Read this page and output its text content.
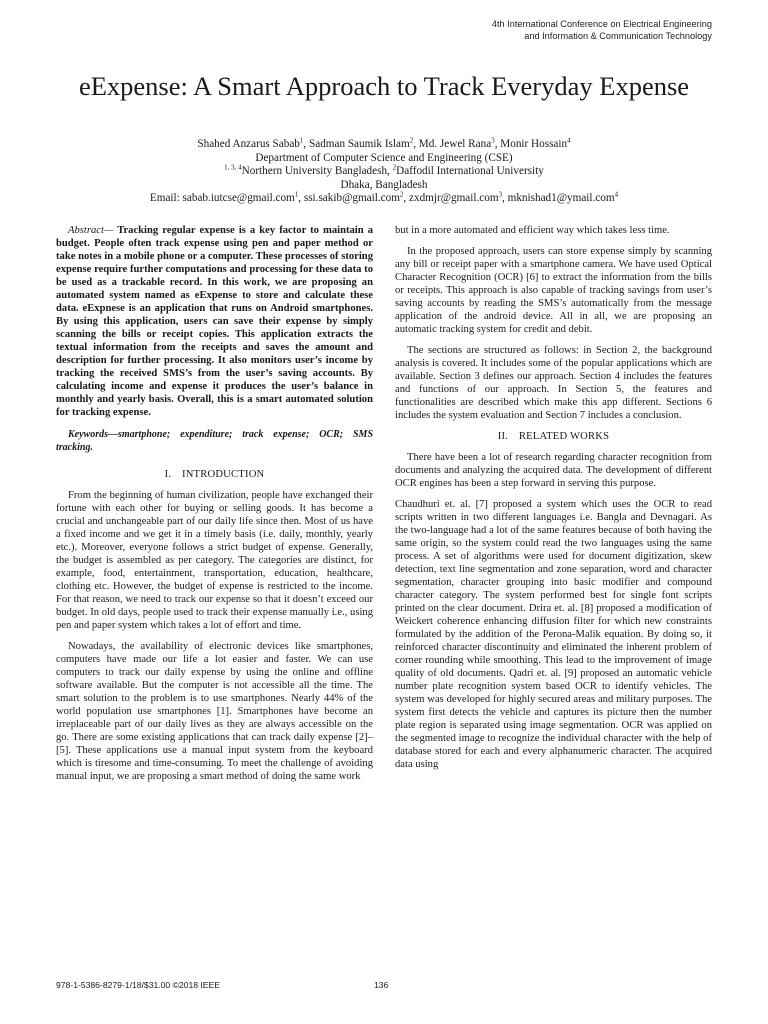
4th International Conference on Electrical Engineering
and Information & Communication Technology
eExpense: A Smart Approach to Track Everyday Expense
Shahed Anzarus Sabab$^1$, Sadman Saumik Islam$^2$, Md. Jewel Rana$^3$, Monir Hossain$^4$
Department of Computer Science and Engineering (CSE)
$^{1, 3, 4}$Northern University Bangladesh, $^2$Daffodil International University
Dhaka, Bangladesh
Email: sabab.iutcse@gmail.com$^1$, ssi.sakib@gmail.com$^2$, zxdmjr@gmail.com$^3$, mknishad1@ymail.com$^4$

Abstract— Tracking regular expense is a key factor to maintain a budget. People often track expense using pen and paper method or take notes in a mobile phone or a computer. These processes of storing expense require further computations and processing for these data to be used as a trackable record. In this work, we are proposing an automated system named as eExpense to store and calculate these data. eExpnese is an application that runs on Android smartphones. By using this application, users can save their expense by simply scanning the bills or receipt copies. This application extracts the textual information from the receipts and saves the amount and description for further processing. It also monitors user’s income by tracking the received SMS’s from the user’s saving accounts. By calculating income and expense it produces the user’s balance in monthly and yearly basis. Overall, this is a smart automated solution for tracking expense.

Keywords—smartphone; expenditure; track expense; OCR; SMS tracking.

I. INTRODUCTION

From the beginning of human civilization, people have exchanged their fortune with each other for buying or selling goods. It has become a crucial and unchangeable part of our daily life since then. Most of us have a fixed income and we get it in a timely basis (i.e. daily, monthly, yearly etc.). Moreover, everyone follows a strict budget of expense. Generally, the budget is assembled as per category. The categories are distinct, for example, food, entertainment, transportation, education, healthcare, clothing etc. However, the budget of expense is restricted to the income. For that reason, we need to track our expense so that it doesn’t exceed our budget. In old days, people used to track their expense manually i.e., using pen and paper system which takes a lot of effort and time.

Nowadays, the availability of electronic devices like smartphones, computers have made our life a lot easier and faster. We can use computers to track our daily expense by using the online and offline software available. But the computer is not accessible all the time. The smart solution to the problem is to use smartphones. Nearly 44% of the world population use smartphones [1]. Smartphones have become an irreplaceable part of our daily lives as they are always accessible on the go. There are some existing applications that can track daily expense [2]–[5]. These applications use a manual input system from the keyboard which is tiresome and time-consuming. To meet the challenge of avoiding manual input, we are proposing a smart method of doing the same work

but in a more automated and efficient way which takes less time.

In the proposed approach, users can store expense simply by scanning any bill or receipt paper with a smartphone camera. We have used Optical Character Recognition (OCR) [6] to extract the information from the bills or receipts. This approach is also capable of tracking savings from user’s saving accounts by reading the SMS’s automatically from the message application of the android device. All in all, we are proposing an automatic tracking system for credit and debit.

The sections are structured as follows: in Section 2, the background analysis is covered. It includes some of the popular applications which are available. Section 3 defines our approach. Section 4 includes the features and functions of our approach. In Section 5, the features and functionalities are described which make this app different. Sections 6 includes the system evaluation and Section 7 includes a conclusion.

II. RELATED WORKS

There have been a lot of research regarding character recognition from documents and analyzing the acquired data. The development of different OCR engines has been a step forward in serving this purpose.

Chaudhuri et. al. [7] proposed a system which uses the OCR to read scripts written in two different languages i.e. Bangla and Devnagari. As the two-language had a lot of the same features because of both having the same origin, so the system could read the two languages using the same process. A set of algorithms were used for document digitization, skew detection, text line segmentation and zone separation, word and character segmentation, character grouping into basic modifier and compound character category. The system performed best for single font scripts printed on the clear document. Drira et. al. [8] proposed a modification of Weickert coherence enhancing diffusion filter for which new constraints formulated by the addition of the Perona-Malik equation. By doing so, it reinforced character discontinuity and eliminated the inherent problem of corner rounding while smoothing. This lead to the improvement of image quality of old documents. Qadri et. al. [9] proposed an automatic vehicle number plate recognition system based OCR to identify vehicles. The system was developed for highly secured areas and military purposes. The system first detects the vehicle and captures its picture then the number plate region is separated using image segmentation. OCR was applied on the segmented image to recognize the individual character with the help of database stored for each and every alphanumeric character. The acquired data using

978-1-5386-8279-1/18/$31.00 ©2018 IEEE	136
